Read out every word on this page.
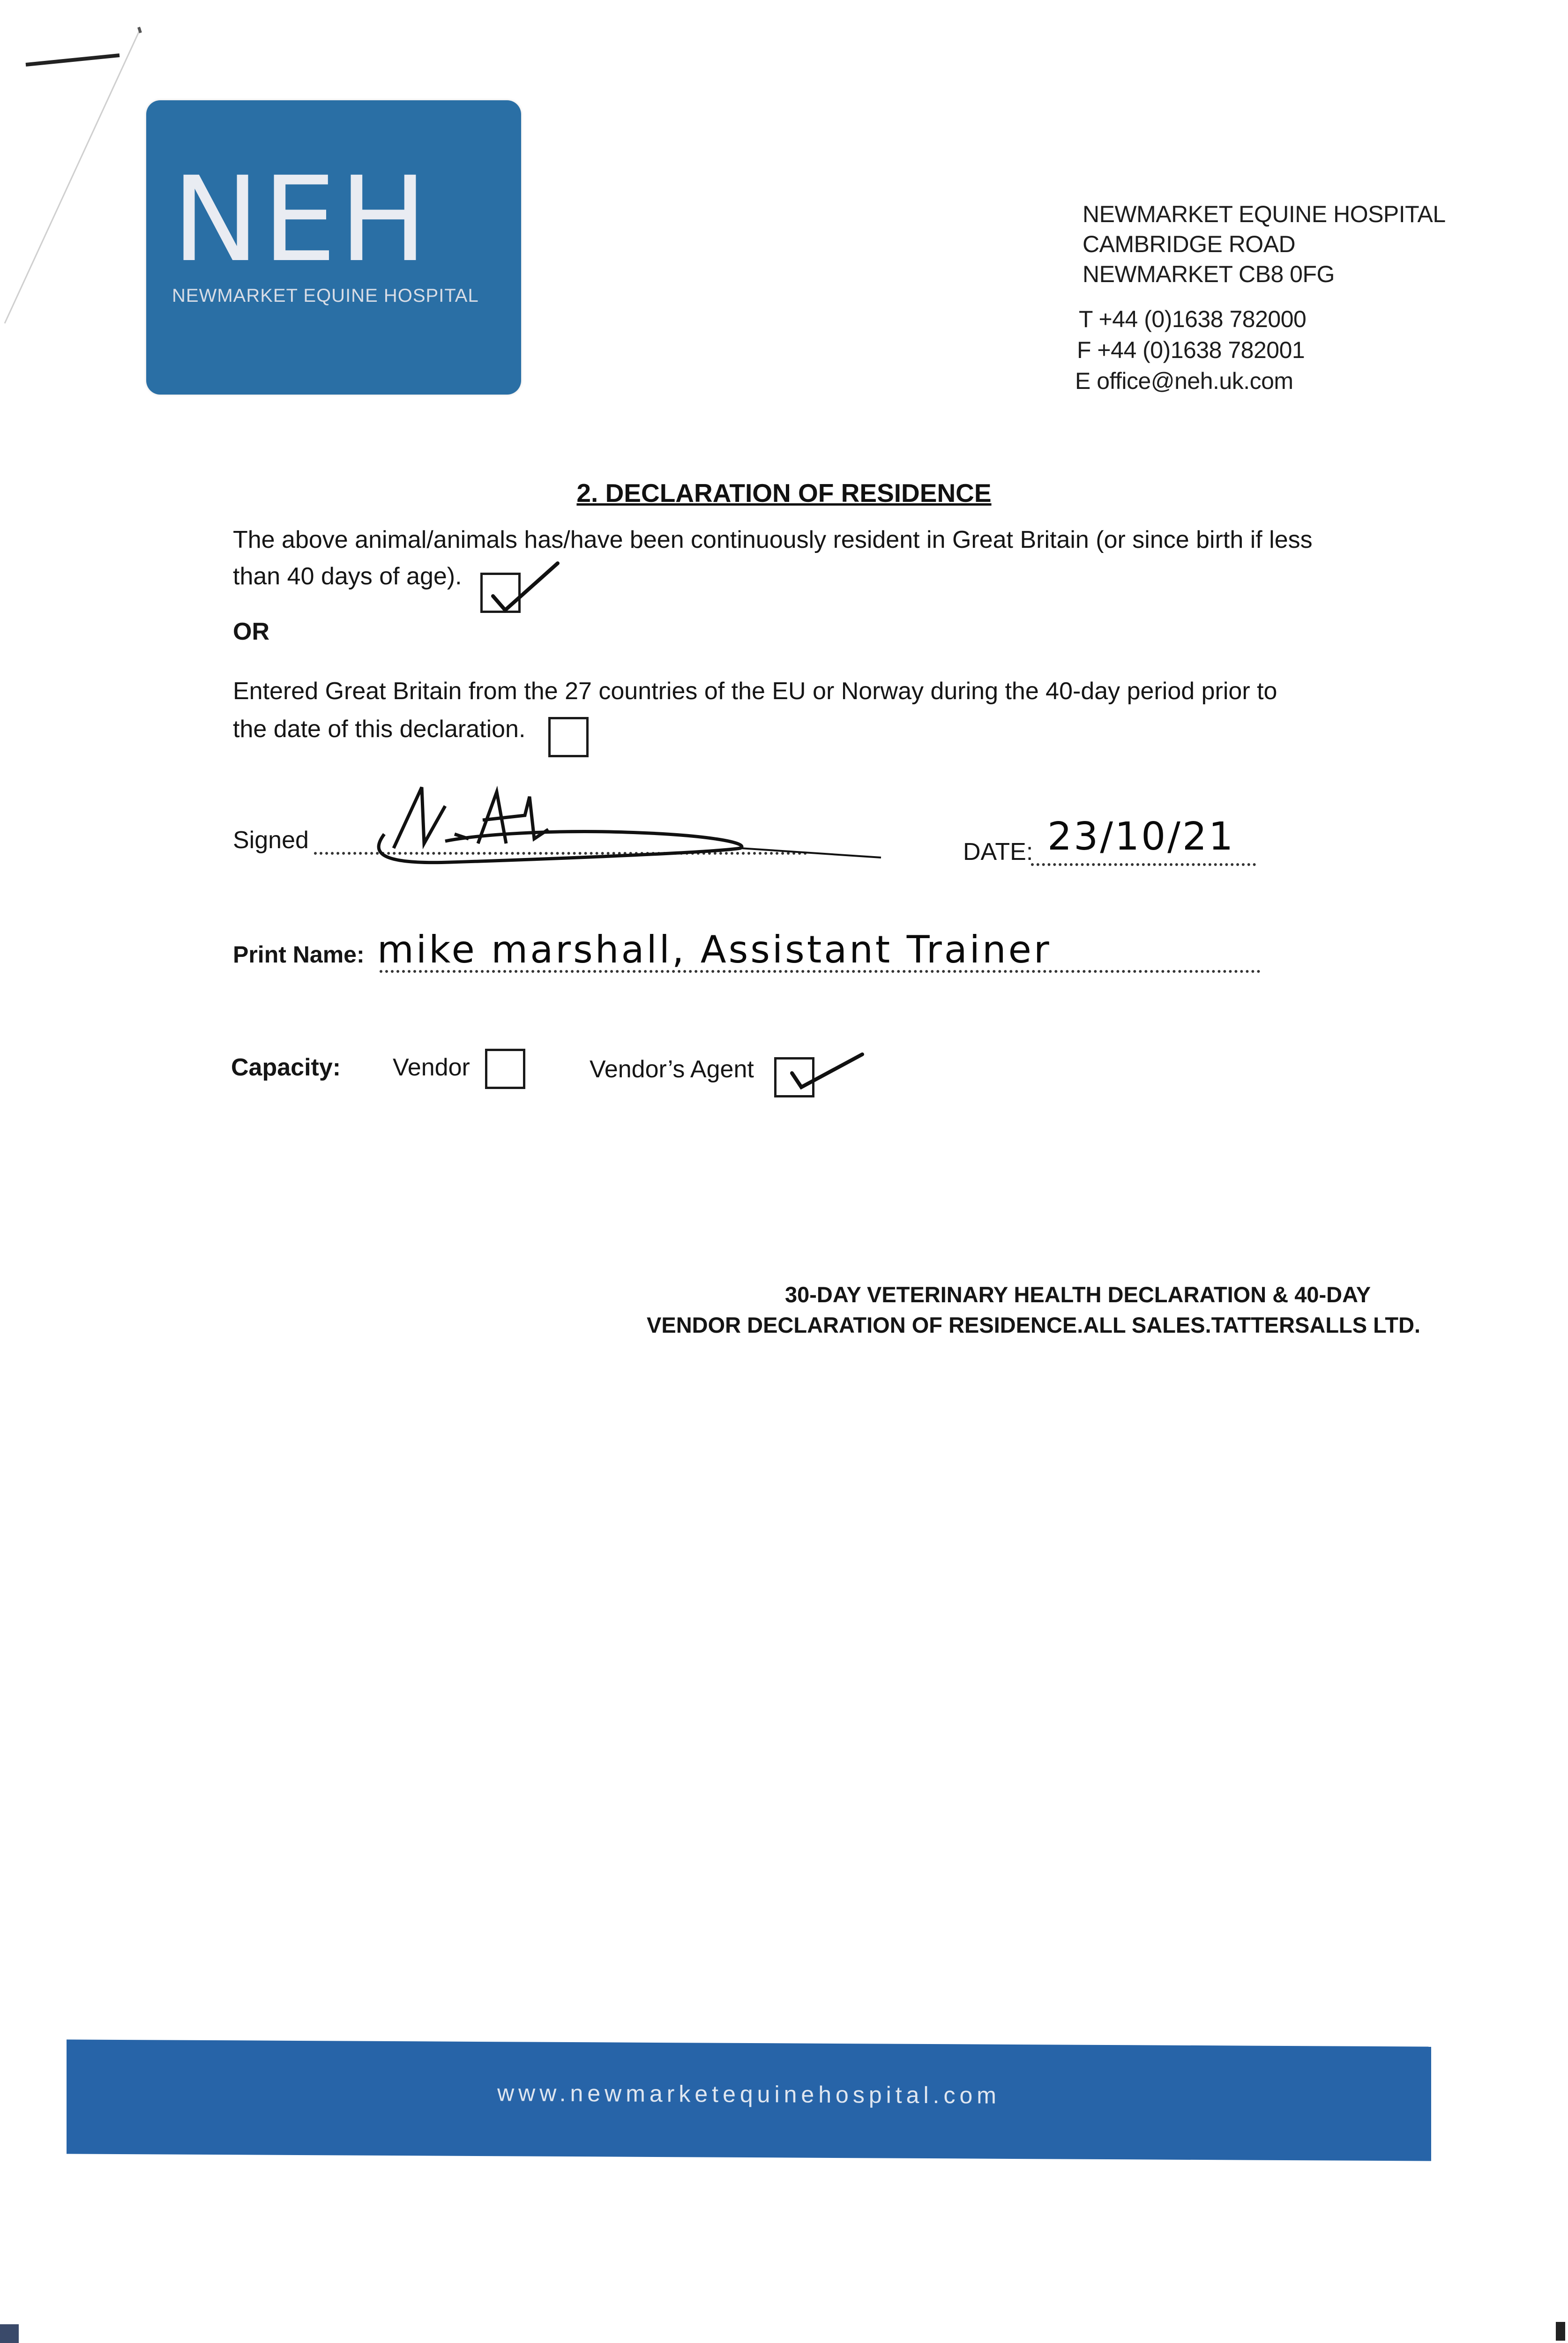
NEH
NEWMARKET EQUINE HOSPITAL
NEWMARKET EQUINE HOSPITAL
CAMBRIDGE ROAD
NEWMARKET CB8 0FG
T +44 (0)1638 782000
F +44 (0)1638 782001
E office@neh.uk.com
2. DECLARATION OF RESIDENCE
The above animal/animals has/have been continuously resident in Great Britain (or since birth if less
than 40 days of age).
OR
Entered Great Britain from the 27 countries of the EU or Norway during the 40-day period prior to
the date of this declaration.
Signed	DATE: 23/10/21
Print Name: mike marshall, Assistant Trainer
Capacity: Vendor	Vendor’s Agent
30-DAY VETERINARY HEALTH DECLARATION & 40-DAY
VENDOR DECLARATION OF RESIDENCE.ALL SALES.TATTERSALLS LTD.
www.newmarketequinehospital.com
